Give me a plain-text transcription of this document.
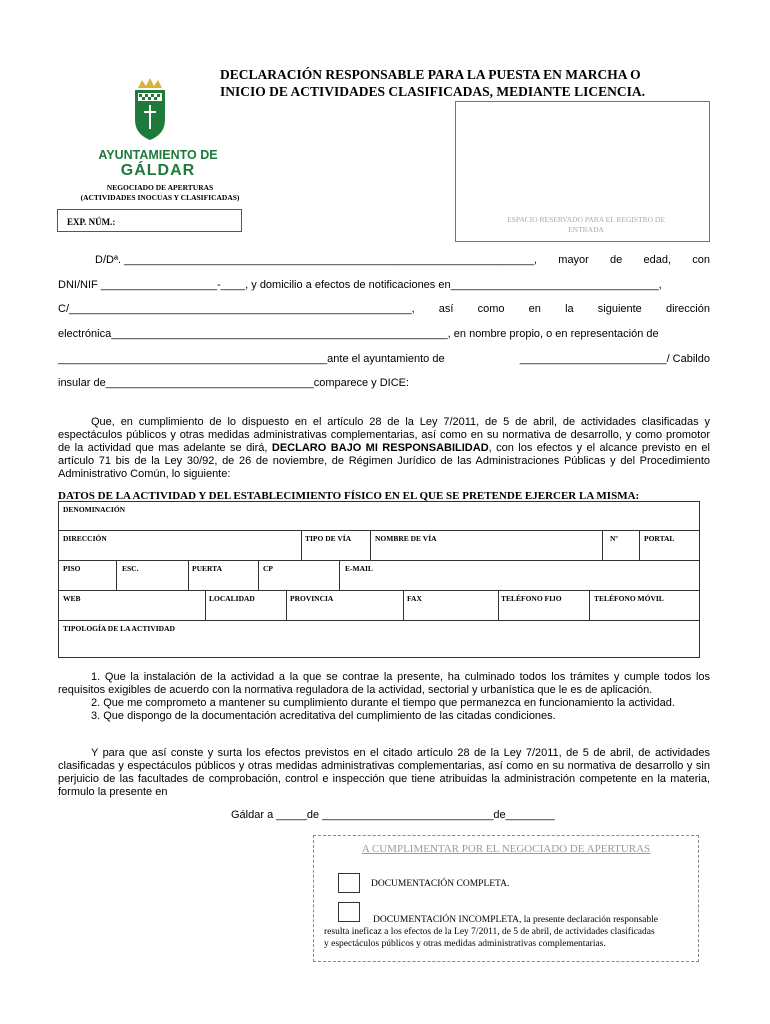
DECLARACIÓN RESPONSABLE PARA LA PUESTA EN MARCHA O
INICIO DE ACTIVIDADES CLASIFICADAS, MEDIANTE LICENCIA.
AYUNTAMIENTO DE
GÁLDAR
NEGOCIADO DE APERTURAS
(ACTIVIDADES INOCUAS Y CLASIFICADAS)
EXP. NÚM.:	ESPACIO RESERVADO PARA EL REGISTRO DE
ENTRADA
D/Dª. ___________________________________________________________________, mayor de edad, con
DNI/NIF ___________________-____, y domicilio a efectos de notificaciones en__________________________________,
C/________________________________________________________, así como en la siguiente dirección
electrónica_______________________________________________________, en nombre propio, o en representación de
____________________________________________ante el ayuntamiento de	________________________/ Cabildo
insular de__________________________________comparece y DICE:
Que, en cumplimiento de lo dispuesto en el artículo 28 de la Ley 7/2011, de 5 de abril, de actividades clasificadas y espectáculos públicos y otras medidas administrativas complementarias, así como en su normativa de desarrollo, y como promotor de la actividad que mas adelante se dirá, DECLARO BAJO MI RESPONSABILIDAD, con los efectos y el alcance previsto en el artículo 71 bis de la Ley 30/92, de 26 de noviembre, de Régimen Jurídico de las Administraciones Públicas y del Procedimiento Administrativo Común, lo siguiente:
DATOS DE LA ACTIVIDAD Y DEL ESTABLECIMIENTO FÍSICO EN EL QUE SE PRETENDE EJERCER LA MISMA:
DENOMINACIÓN
DIRECCIÓN	TIPO DE VÍA	NOMBRE DE VÍA	Nº	PORTAL
PISO	ESC.	PUERTA	CP	E-MAIL
WEB	LOCALIDAD	PROVINCIA	FAX	TELÉFONO FIJO	TELÉFONO MÓVIL
TIPOLOGÍA DE LA ACTIVIDAD
1. Que la instalación de la actividad a la que se contrae la presente, ha culminado todos los trámites y cumple todos los requisitos exigibles de acuerdo con la normativa reguladora de la actividad, sectorial y urbanística que le es de aplicación.
2. Que me comprometo a mantener su cumplimiento durante el tiempo que permanezca en funcionamiento la actividad.
3. Que dispongo de la documentación acreditativa del cumplimiento de las citadas condiciones.
Y para que así conste y surta los efectos previstos en el citado artículo 28 de la Ley 7/2011, de 5 de abril, de actividades clasificadas y espectáculos públicos y otras medidas administrativas complementarias, así como en su normativa de desarrollo y sin perjuicio de las facultades de comprobación, control e inspección que tiene atribuidas la administración competente en la materia, formulo la presente en
Gáldar a _____de ____________________________de________
A CUMPLIMENTAR POR EL NEGOCIADO DE APERTURAS
DOCUMENTACIÓN COMPLETA.
DOCUMENTACIÓN INCOMPLETA, la presente declaración responsable
resulta ineficaz a los efectos de la Ley 7/2011, de 5 de abril, de actividades clasificadas
y espectáculos públicos y otras medidas administrativas complementarias.
